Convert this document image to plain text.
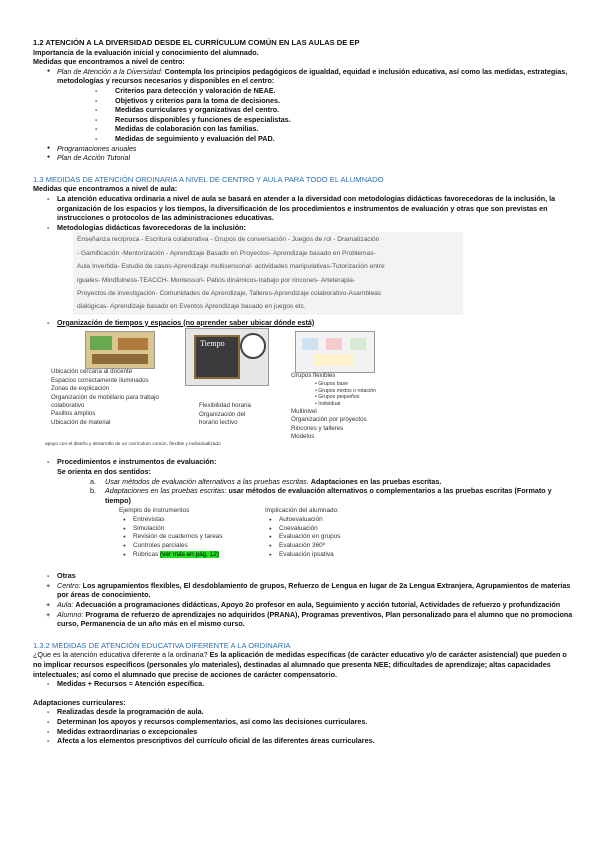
1.2 ATENCIÓN A LA DIVERSIDAD DESDE EL CURRÍCULUM COMÚN EN LAS AULAS DE EP
Importancia de la evaluación inicial y conocimiento del alumnado.
Medidas que encontramos a nivel de centro:
● Plan de Atención a la Diversidad: Contempla los principios pedagógicos de igualdad, equidad e inclusión educativa, así como las medidas, estrategias, metodologías y recursos necesarios y disponibles en el centro:
- Criterios para detección y valoración de NEAE.
- Objetivos y criterios para la toma de decisiones.
- Medidas curriculares y organizativas del centro.
- Recursos disponibles y funciones de especialistas.
- Medidas de colaboración con las familias.
- Medidas de seguimiento y evaluación del PAD.
● Programaciones anuales
● Plan de Acción Tutorial
1.3 MEDIDAS DE ATENCIÓN ORDINARIA A NIVEL DE CENTRO Y AULA PARA TODO EL ALUMNADO
Medidas que encontramos a nivel de aula:
- La atención educativa ordinaria a nivel de aula se basará en atender a la diversidad con metodologías didácticas favorecedoras de la inclusión, la organización de los espacios y los tiempos, la diversificación de los procedimientos e instrumentos de evaluación y otras que son previstas en instrucciones o protocolos de las administraciones educativas.
- Metodologías didácticas favorecedoras de la inclusión:
Enseñanza recíproca - Escritura colaborativa - Grupos de conversación - Juegos de rol - Dramatización
- Gamificación -Mentorización - Aprendizaje Basado en Proyectos- Aprendizaje basado en Problemas-
Aula Invertida- Estudio de casos-Aprendizaje multisensorial- actividades manipulativas-Tutorización entre
iguales- Mindfulness-TEACCH- Montessori- Patios dinámicos-trabajo por rincones- Arteterapia-
Proyectos de investigación- Comunidades de Aprendizaje, Talleres-Aprendizaje colaborativo-Asambleas
dialógicas- Aprendizaje basado en Eventos Aprendizaje basado en juegos etc.
- Organización de tiempos y espacios (no aprender saber ubicar dónde está)
Tiempo
Ubicación cercana al docente
Espacios correctamente iluminados
Zonas de explicación
Organización de mobiliario para trabajo colaborativo
Pasillos amplios
Ubicación de material
apoyo con el diseño y desarrollo de un currículum común, flexible y individualizado
Flexibilidad horaria
Organización del horario lectivo
Grupos flexibles
• Grupos base
• Grupos mixtos o rotación
• Grupos pequeños
• Individual
Multinivel
Organización por proyectos
Rincones y talleres
Modelos
- Procedimientos e instrumentos de evaluación:
Se orienta en dos sentidos:
a. Usar métodos de evaluación alternativos a las pruebas escritas. Adaptaciones en las pruebas escritas.
b. Adaptaciones en las pruebas escritas: usar métodos de evaluación alternativos o complementarios a las pruebas escritas (Formato y tiempo)
Ejemplo de instrumentos
● Entrevistas
● Simulación
● Revisión de cuadernos y tareas
● Controles parciales
● Rúbricas (ver más en pág. 12)
Implicación del alumnado:
● Autoevaluación
● Coevaluación
● Evaluación en grupos
● Evaluación 360º
● Evaluación ipsativa
- Otras
+ Centro: Los agrupamientos flexibles, El desdoblamiento de grupos, Refuerzo de Lengua en lugar de 2a Lengua Extranjera, Agrupamientos de materias por áreas de conocimiento.
+ Aula: Adecuación a programaciones didácticas, Apoyo 2o profesor en aula, Seguimiento y acción tutorial, Actividades de refuerzo y profundización
+ Alumno: Programa de refuerzo de aprendizajes no adquiridos (PRANA), Programas preventivos, Plan personalizado para el alumno que no promociona curso, Permanencia de un año más en el mismo curso.
1.3.2 MEDIDAS DE ATENCIÓN EDUCATIVA DIFERENTE A LA ORDINARIA
¿Que es la atención educativa diferente a la ordinaria? Es la aplicación de medidas específicas (de carácter educativo y/o de carácter asistencial) que pueden o no implicar recursos específicos (personales y/o materiales), destinadas al alumnado que presenta NEE; dificultades de aprendizaje; altas capacidades intelectuales; así como el alumnado que precise de acciones de carácter compensatorio.
- Medidas + Recursos = Atención específica.
Adaptaciones curriculares:
- Realizadas desde la programación de aula.
- Determinan los apoyos y recursos complementarios, así como las decisiones curriculares.
- Medidas extraordinarias o excepcionales
- Afecta a los elementos prescriptivos del currículo oficial de las diferentes áreas curriculares.
